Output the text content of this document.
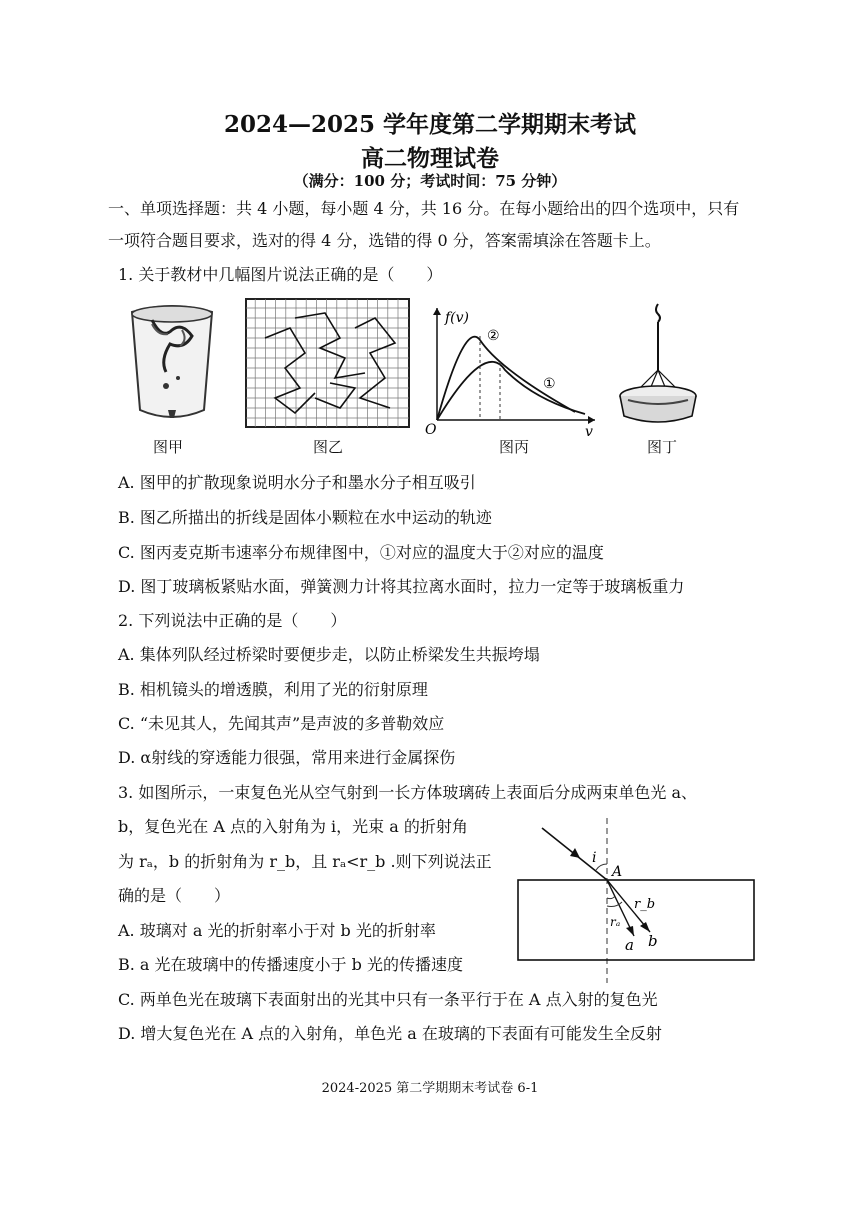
2024—2025 学年度第二学期期末考试
高二物理试卷
（满分：100 分；考试时间：75 分钟）
一、单项选择题：共 4 小题，每小题 4 分，共 16 分。在每小题给出的四个选项中，只有
一项符合题目要求，选对的得 4 分，选错的得 0 分，答案需填涂在答题卡上。
1. 关于教材中几幅图片说法正确的是（　　）
图甲	图乙
f(v)
v
O
②
①
图丙	图丁
A. 图甲的扩散现象说明水分子和墨水分子相互吸引
B. 图乙所描出的折线是固体小颗粒在水中运动的轨迹
C. 图丙麦克斯韦速率分布规律图中，①对应的温度大于②对应的温度
D. 图丁玻璃板紧贴水面，弹簧测力计将其拉离水面时，拉力一定等于玻璃板重力
2. 下列说法中正确的是（　　）
A. 集体列队经过桥梁时要便步走，以防止桥梁发生共振垮塌
B. 相机镜头的增透膜，利用了光的衍射原理
C. “未见其人，先闻其声”是声波的多普勒效应
D. α射线的穿透能力很强，常用来进行金属探伤
3. 如图所示，一束复色光从空气射到一长方体玻璃砖上表面后分成两束单色光 a、
b，复色光在 A 点的入射角为 i，光束 a 的折射角
为 rₐ，b 的折射角为 r_b，且 rₐ<r_b .则下列说法正
确的是（　　）
i
A
r_b
rₐ
a b
A. 玻璃对 a 光的折射率小于对 b 光的折射率
B. a 光在玻璃中的传播速度小于 b 光的传播速度
C. 两单色光在玻璃下表面射出的光其中只有一条平行于在 A 点入射的复色光
D. 增大复色光在 A 点的入射角，单色光 a 在玻璃的下表面有可能发生全反射
2024-2025 第二学期期末考试卷 6-1
